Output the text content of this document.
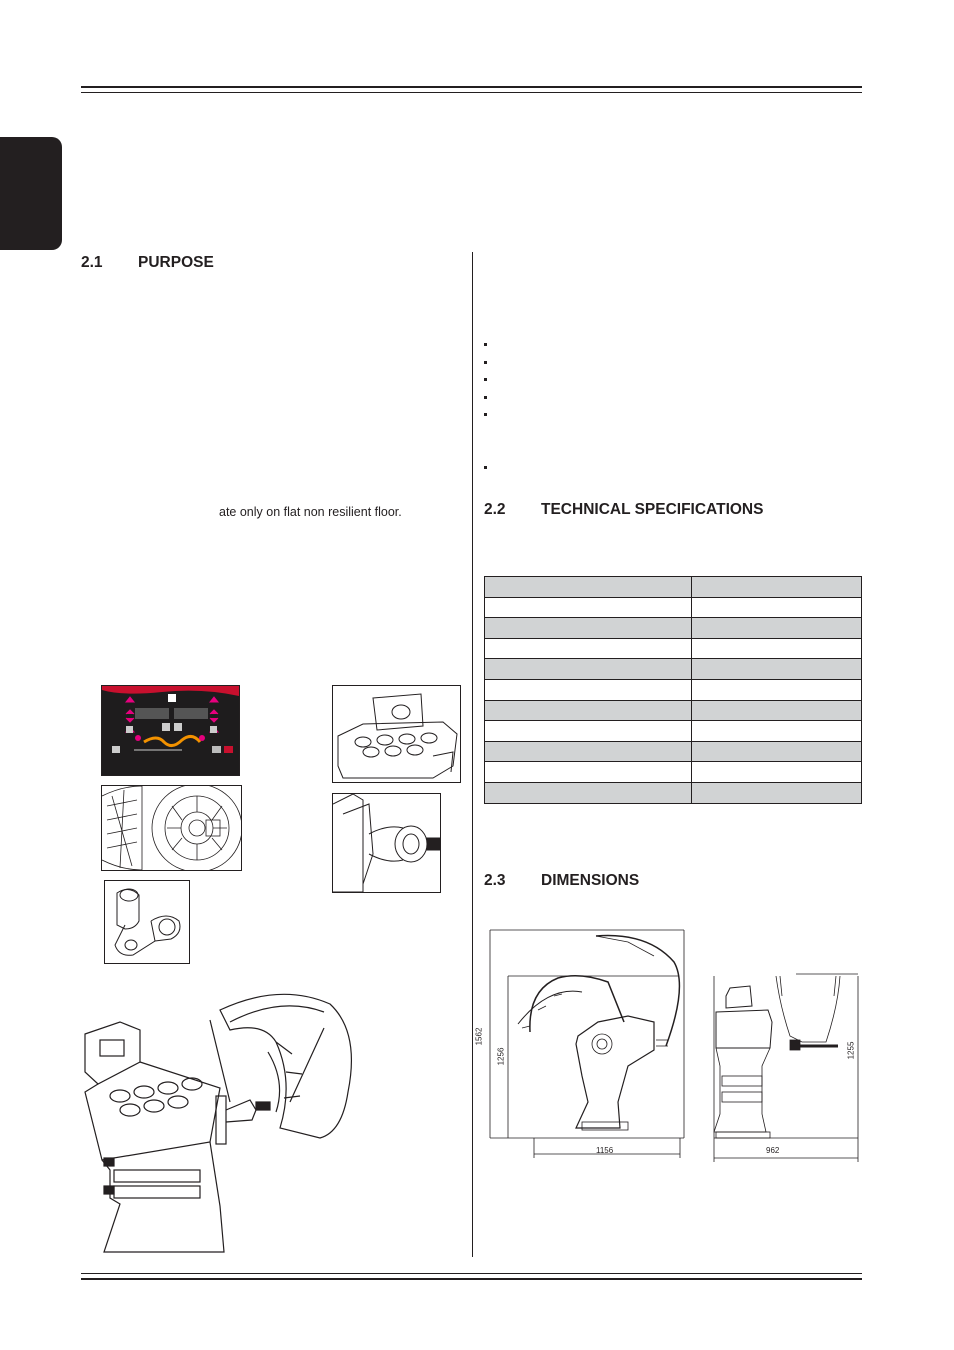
2.1 PURPOSE
ate only on flat non resilient floor.	2.2 TECHNICAL SPECIFICATIONS

2.3 DIMENSIONS
1562
1256
1156
1255
962
